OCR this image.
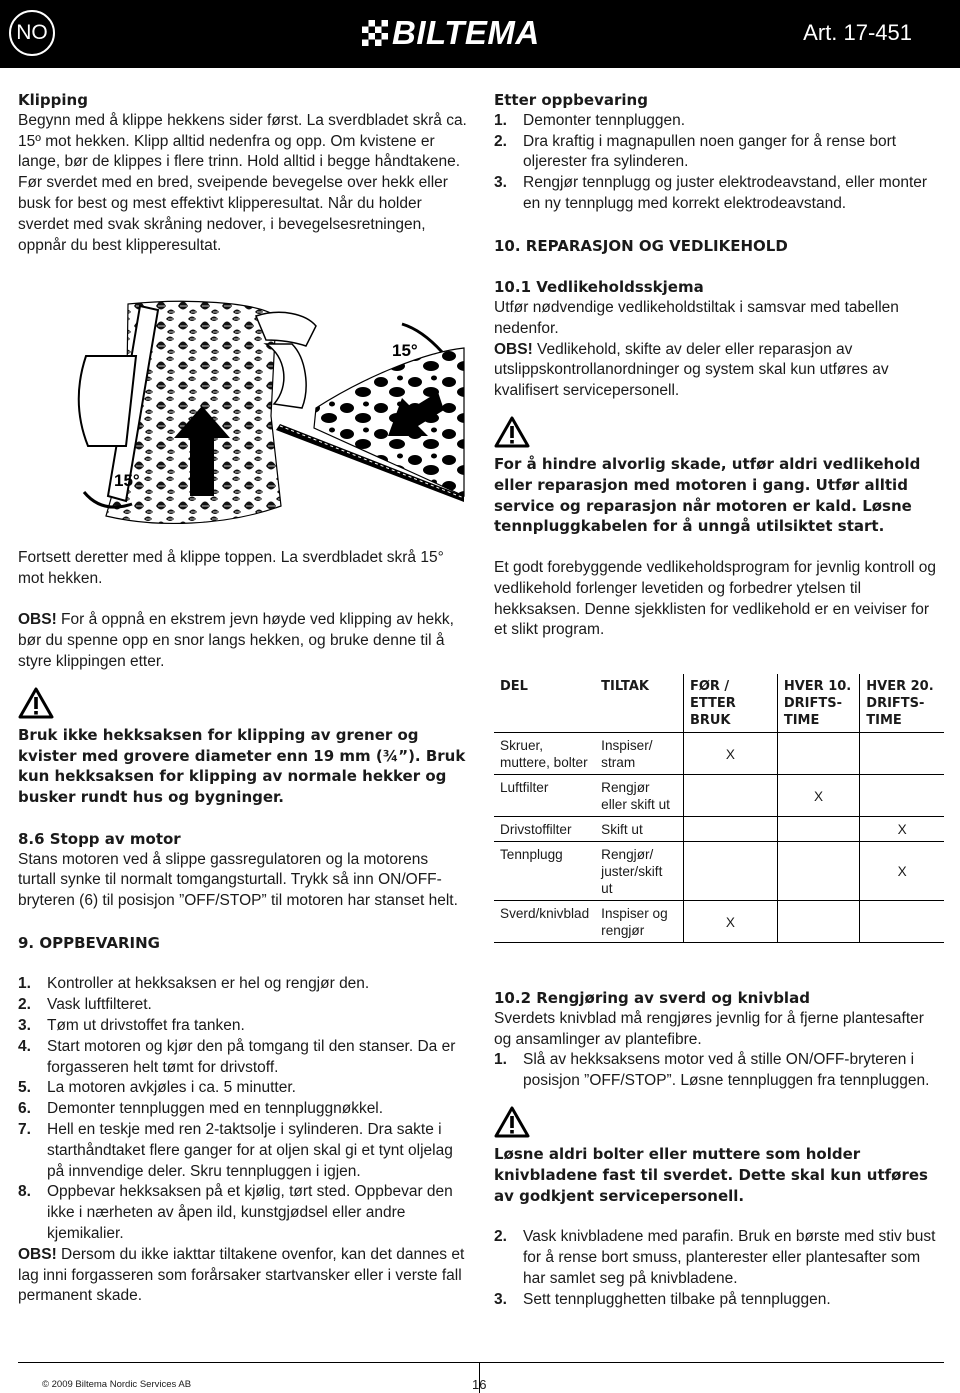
NO	BILTEMA	Art. 17-451

Klipping

Begynn med å klippe hekkens sider først. La sverdbladet skrå ca. 15º mot hekken. Klipp alltid nedenfra og opp. Om kvistene er lange, bør de klippes i flere trinn. Hold alltid i begge håndtakene.

Før sverdet med en bred, sveipende bevegelse over hekk eller busk for best og mest effektivt klipperesultat. Når du holder sverdet med svak skråning nedover, i bevegelsesretningen, oppnår du best klipperesultat.

15°
15°

Fortsett deretter med å klippe toppen. La sverdbladet skrå 15° mot hekken.

OBS! For å oppnå en ekstrem jevn høyde ved klipping av hekk, bør du spenne opp en snor langs hekken, og bruke denne til å styre klippingen etter.

Bruk ikke hekksaksen for klipping av grener og kvister med grovere diameter enn 19 mm (¾”). Bruk kun hekksaksen for klipping av normale hekker og busker rundt hus og bygninger.

8.6 Stopp av motor

Stans motoren ved å slippe gassregulatoren og la motorens turtall synke til normalt tomgangsturtall. Trykk så inn ON/OFF-bryteren (6) til posisjon ”OFF/STOP” til motoren har stanset helt.

9. OPPBEVARING

1. Kontroller at hekksaksen er hel og rengjør den.
2. Vask luftfilteret.
3. Tøm ut drivstoffet fra tanken.
4. Start motoren og kjør den på tomgang til den stanser. Da er forgasseren helt tømt for drivstoff.
5. La motoren avkjøles i ca. 5 minutter.
6. Demonter tennpluggen med en tennpluggnøkkel.
7. Hell en teskje med ren 2-taktsolje i sylinderen. Dra sakte i starthåndtaket flere ganger for at oljen skal gi et tynt oljelag på innvendige deler. Skru tennpluggen i igjen.
8. Oppbevar hekksaksen på et kjølig, tørt sted. Oppbevar den ikke i nærheten av åpen ild, kunstgjødsel eller andre kjemikalier.

OBS! Dersom du ikke iakttar tiltakene ovenfor, kan det dannes et lag inni forgasseren som forårsaker startvansker eller i verste fall permanent skade.

Etter oppbevaring

1. Demonter tennpluggen.
2. Dra kraftig i magnapullen noen ganger for å rense bort oljerester fra sylinderen.
3. Rengjør tennplugg og juster elektrodeavstand, eller monter en ny tennplugg med korrekt elektrodeavstand.

10. REPARASJON OG VEDLIKEHOLD

10.1 Vedlikeholdsskjema

Utfør nødvendige vedlikeholdstiltak i samsvar med tabellen nedenfor.

OBS! Vedlikehold, skifte av deler eller reparasjon av utslippskontrollanordninger og system skal kun utføres av kvalifisert servicepersonell.

For å hindre alvorlig skade, utfør aldri vedlikehold eller reparasjon med motoren i gang. Utfør alltid service og reparasjon når motoren er kald. Løsne tennpluggkabelen for å unngå utilsiktet start.

Et godt forebyggende vedlikeholdsprogram for jevnlig kontroll og vedlikehold forlenger levetiden og forbedrer ytelsen til hekksaksen. Denne sjekklisten for vedlikehold er en veiviser for et slikt program.

DEL	TILTAK	FØR / ETTER BRUK	HVER 10. DRIFTS-TIME	HVER 20. DRIFTS-TIME
Skruer, muttere, bolter	Inspiser/ stram	X		
Luftfilter	Rengjør eller skift ut		X	
Drivstoffilter	Skift ut			X
Tennplugg	Rengjør/ juster/skift ut			X
Sverd/knivblad	Inspiser og rengjør	X		

10.2 Rengjøring av sverd og knivblad

Sverdets knivblad må rengjøres jevnlig for å fjerne plantesafter og ansamlinger av plantefibre.

1. Slå av hekksaksens motor ved å stille ON/OFF-bryteren i posisjon ”OFF/STOP”. Løsne tennpluggen fra tennpluggen.

Løsne aldri bolter eller muttere som holder knivbladene fast til sverdet. Dette skal kun utføres av godkjent servicepersonell.

2. Vask knivbladene med parafin. Bruk en børste med stiv bust for å rense bort smuss, planterester eller plantesafter som har samlet seg på knivbladene.
3. Sett tennplugghetten tilbake på tennpluggen.
© 2009 Biltema Nordic Services AB	16
